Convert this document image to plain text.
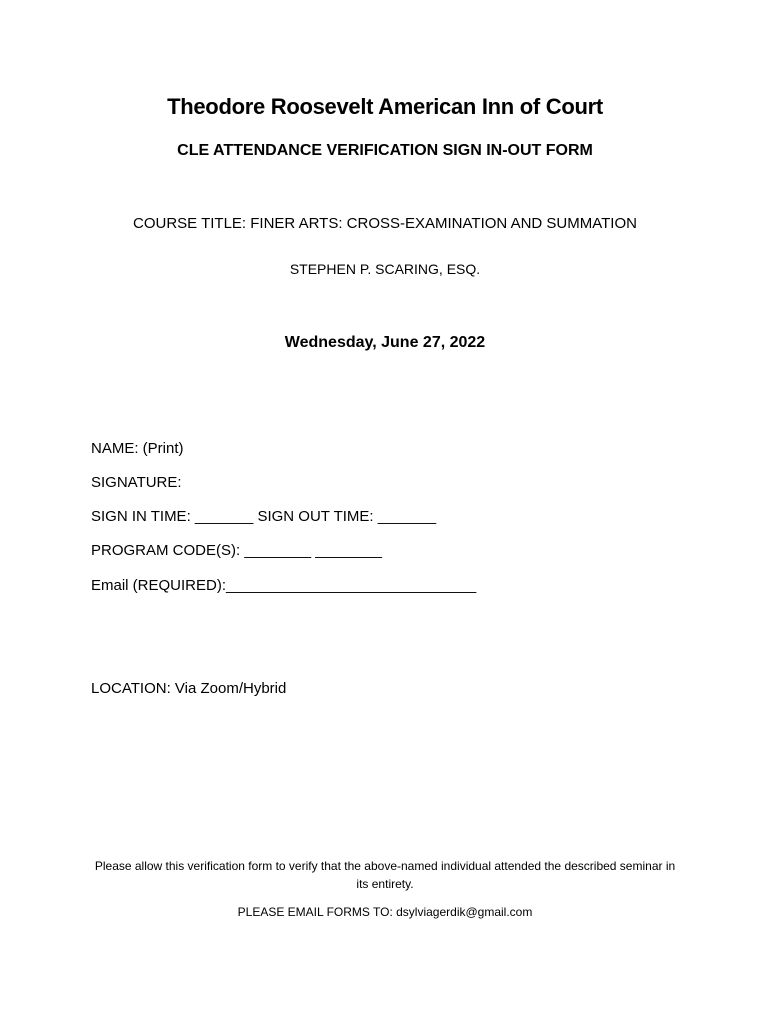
Theodore Roosevelt American Inn of Court
CLE ATTENDANCE VERIFICATION SIGN IN-OUT FORM
COURSE TITLE: FINER ARTS: CROSS-EXAMINATION AND SUMMATION
STEPHEN P. SCARING, ESQ.
Wednesday, June 27, 2022
NAME: (Print)
SIGNATURE:
SIGN IN TIME: _______ SIGN OUT TIME: _______
PROGRAM CODE(S): ________ ________
Email (REQUIRED):______________________________
LOCATION: Via Zoom/Hybrid
Please allow this verification form to verify that the above-named individual attended the described seminar in its entirety.
PLEASE EMAIL FORMS TO: dsylviagerdik@gmail.com
